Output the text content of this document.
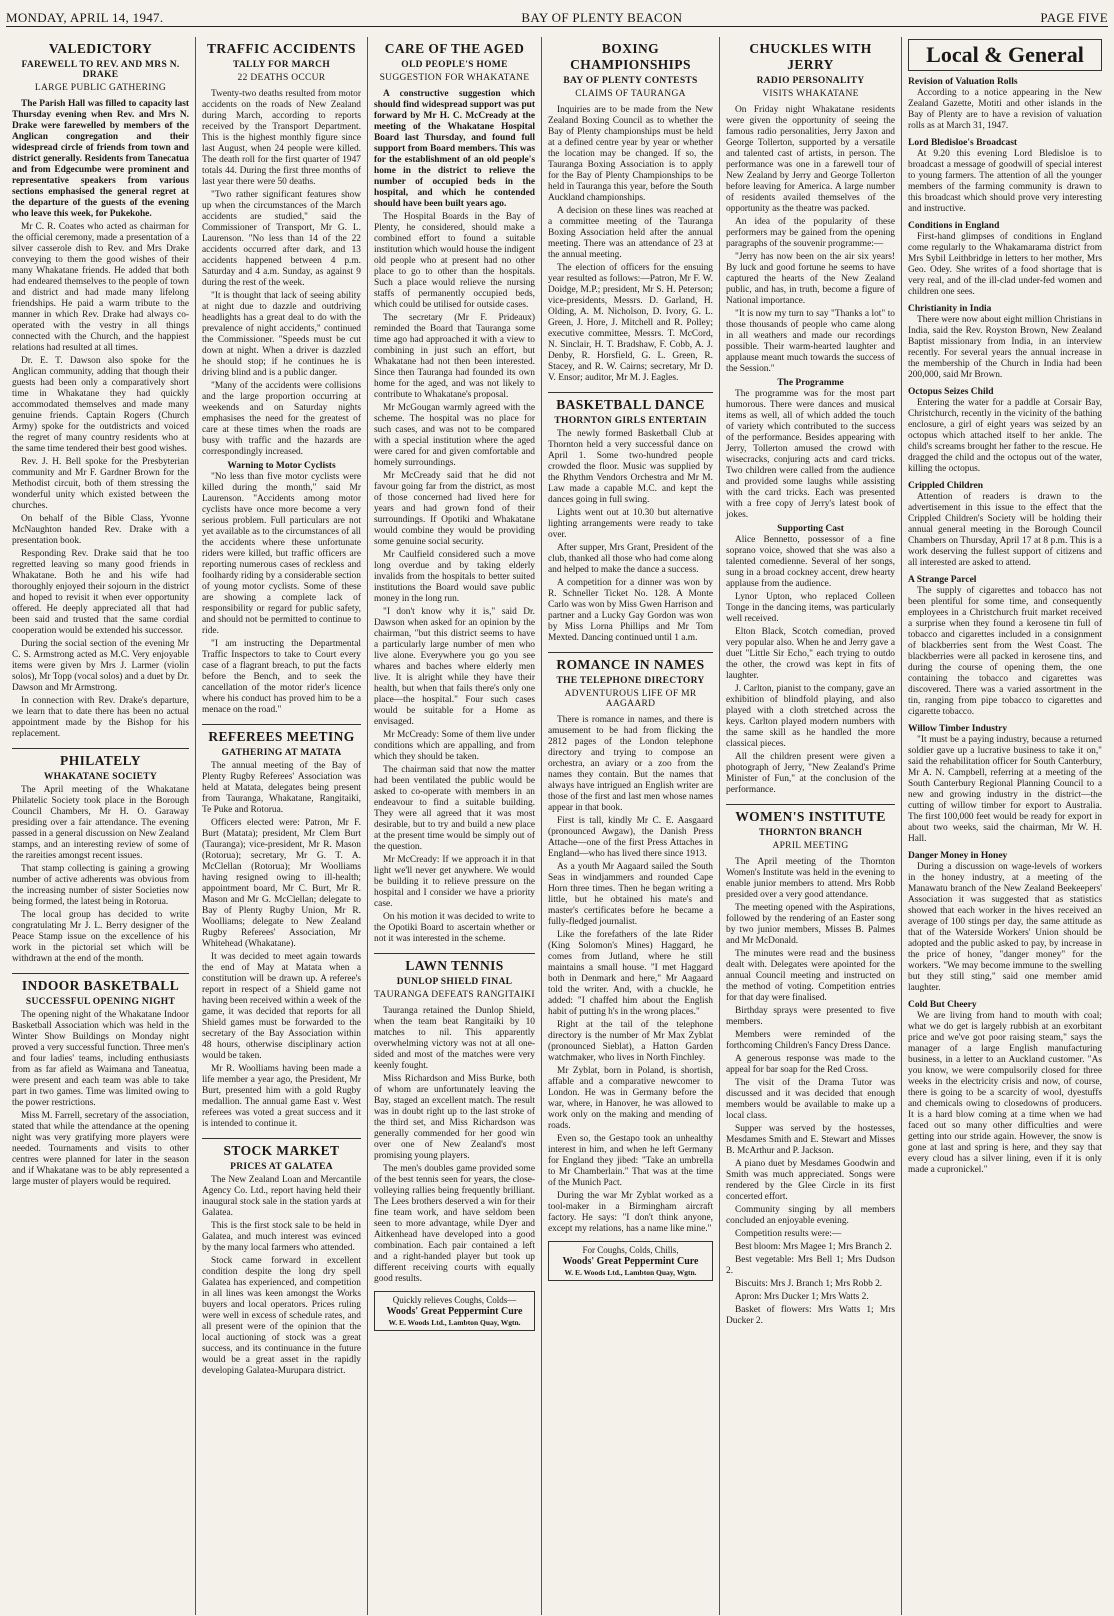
MONDAY, APRIL 14, 1947.	BAY OF PLENTY BEACON	PAGE FIVE
VALEDICTORY
FAREWELL TO REV. AND MRS N. DRAKE
LARGE PUBLIC GATHERING

The Parish Hall was filled to capacity last Thursday evening when Rev. and Mrs N. Drake were farewelled by members of the Anglican congregation and their widespread circle of friends from town and district generally. Residents from Tanecatua and from Edgecumbe were prominent and representative speakers from various sections emphasised the general regret at the departure of the guests of the evening who leave this week, for Pukekohe.

Mr C. R. Coates who acted as chairman for the official ceremony, made a presentation of a silver casserole dish to Rev. and Mrs Drake conveying to them the good wishes of their many Whakatane friends. He added that both had endeared themselves to the people of town and district and had made many lifelong friendships. He paid a warm tribute to the manner in which Rev. Drake had always co-operated with the vestry in all things connected with the Church, and the happiest relations had resulted at all times.

Dr. E. T. Dawson also spoke for the Anglican community, adding that though their guests had been only a comparatively short time in Whakatane they had quickly accommodated themselves and made many genuine friends. Captain Rogers (Church Army) spoke for the outdistricts and voiced the regret of many country residents who at the same time tendered their best good wishes.

Rev. J. H. Bell spoke for the Presbyterian community and Mr F. Gardner Brown for the Methodist circuit, both of them stressing the wonderful unity which existed between the churches.

On behalf of the Bible Class, Yvonne McNaughton handed Rev. Drake with a presentation book.

Responding Rev. Drake said that he too regretted leaving so many good friends in Whakatane. Both he and his wife had thoroughly enjoyed their sojourn in the district and hoped to revisit it when ever opportunity offered. He deeply appreciated all that had been said and trusted that the same cordial cooperation would be extended his successor.

During the social section of the evening Mr C. S. Armstrong acted as M.C. Very enjoyable items were given by Mrs J. Larmer (violin solos), Mr Topp (vocal solos) and a duet by Dr. Dawson and Mr Armstrong.

In connection with Rev. Drake's departure, we learn that to date there has been no actual appointment made by the Bishop for his replacement.

PHILATELY
WHAKATANE SOCIETY

The April meeting of the Whakatane Philatelic Society took place in the Borough Council Chambers, Mr H. O. Garaway presiding over a fair attendance. The evening passed in a general discussion on New Zealand stamps, and an interesting review of some of the rareities amongst recent issues.

That stamp collecting is gaining a growing number of active adherents was obvious from the increasing number of sister Societies now being formed, the latest being in Rotorua.

The local group has decided to write congratulating Mr J. L. Berry designer of the Peace Stamp issue on the excellence of his work in the pictorial set which will be withdrawn at the end of the month.

INDOOR BASKETBALL
SUCCESSFUL OPENING NIGHT

The opening night of the Whakatane Indoor Basketball Association which was held in the Winter Show Buildings on Monday night proved a very successful function. Three men's and four ladies' teams, including enthusiasts from as far afield as Waimana and Taneatua, were present and each team was able to take part in two games. Time was limited owing to the power restrictions.

Miss M. Farrell, secretary of the association, stated that while the attendance at the opening night was very gratifying more players were needed. Tournaments and visits to other centres were planned for later in the season and if Whakatane was to be ably represented a large muster of players would be required.

TRAFFIC ACCIDENTS
TALLY FOR MARCH
22 DEATHS OCCUR

Twenty-two deaths resulted from motor accidents on the roads of New Zealand during March, according to reports received by the Transport Department. This is the highest monthly figure since last August, when 24 people were killed. The death roll for the first quarter of 1947 totals 44. During the first three months of last year there were 50 deaths.

"Two rather significant features show up when the circumstances of the March accidents are studied," said the Commissioner of Transport, Mr G. L. Laurenson. "No less than 14 of the 22 accidents occurred after dark, and 13 accidents happened between 4 p.m. Saturday and 4 a.m. Sunday, as against 9 during the rest of the week.

"It is thought that lack of seeing ability at night due to dazzle and outdriving headlights has a great deal to do with the prevalence of night accidents," continued the Commissioner. "Speeds must be cut down at night. When a driver is dazzled he should stop; if he continues he is driving blind and is a public danger.

"Many of the accidents were collisions and the large proportion occurring at weekends and on Saturday nights emphasises the need for the greatest of care at these times when the roads are busy with traffic and the hazards are correspondingly increased.

Warning to Motor Cyclists

"No less than five motor cyclists were killed during the month," said Mr Laurenson. "Accidents among motor cyclists have once more become a very serious problem. Full particulars are not yet available as to the circumstances of all the accidents where these unfortunate riders were killed, but traffic officers are reporting numerous cases of reckless and foolhardy riding by a considerable section of young motor cyclists. Some of these are showing a complete lack of responsibility or regard for public safety, and should not be permitted to continue to ride.

"I am instructing the Departmental Traffic Inspectors to take to Court every case of a flagrant breach, to put the facts before the Bench, and to seek the cancellation of the motor rider's licence where his conduct has proved him to be a menace on the road."

REFEREES MEETING
GATHERING AT MATATA

The annual meeting of the Bay of Plenty Rugby Referees' Association was held at Matata, delegates being present from Tauranga, Whakatane, Rangitaiki, Te Puke and Rotorua.

Officers elected were: Patron, Mr F. Burt (Matata); president, Mr Clem Burt (Tauranga); vice-president, Mr R. Mason (Rotorua); secretary, Mr G. T. A. McClellan (Rotorua); Mr Woolliams having resigned owing to ill-health; appointment board, Mr C. Burt, Mr R. Mason and Mr G. McClellan; delegate to Bay of Plenty Rugby Union, Mr R. Woolliams; delegate to New Zealand Rugby Referees' Association, Mr Whitehead (Whakatane).

It was decided to meet again towards the end of May at Matata when a constitution will be drawn up. A referee's report in respect of a Shield game not having been received within a week of the game, it was decided that reports for all Shield games must be forwarded to the secretary of the Bay Association within 48 hours, otherwise disciplinary action would be taken.

Mr R. Woolliams having been made a life member a year ago, the President, Mr Burt, presented him with a gold Rugby medallion. The annual game East v. West referees was voted a great success and it is intended to continue it.

STOCK MARKET
PRICES AT GALATEA

The New Zealand Loan and Mercantile Agency Co. Ltd., report having held their inaugural stock sale in the station yards at Galatea.

This is the first stock sale to be held in Galatea, and much interest was evinced by the many local farmers who attended.

Stock came forward in excellent condition despite the long dry spell Galatea has experienced, and competition in all lines was keen amongst the Works buyers and local operators. Prices ruling were well in excess of schedule rates, and all present were of the opinion that the local auctioning of stock was a great success, and its continuance in the future would be a great asset in the rapidly developing Galatea-Murupara district.

CARE OF THE AGED
OLD PEOPLE'S HOME
SUGGESTION FOR WHAKATANE

A constructive suggestion which should find widespread support was put forward by Mr H. C. McCready at the meeting of the Whakatane Hospital Board last Thursday, and found full support from Board members. This was for the establishment of an old people's home in the district to relieve the number of occupied beds in the hospital, and which he contended should have been built years ago.

The Hospital Boards in the Bay of Plenty, he considered, should make a combined effort to found a suitable institution which would house the indigent old people who at present had no other place to go to other than the hospitals. Such a place would relieve the nursing staffs of permanently occupied beds, which could be utilised for outside cases.

The secretary (Mr F. Prideaux) reminded the Board that Tauranga some time ago had approached it with a view to combining in just such an effort, but Whakatane had not then been interested. Since then Tauranga had founded its own home for the aged, and was not likely to contribute to Whakatane's proposal.

Mr McGougan warmly agreed with the scheme. The hospital was no place for such cases, and was not to be compared with a special institution where the aged were cared for and given comfortable and homely surroundings.

Mr McCready said that he did not favour going far from the district, as most of those concerned had lived here for years and had grown fond of their surroundings. If Opotiki and Whakatane would combine they would be providing some genuine social security.

Mr Caulfield considered such a move long overdue and by taking elderly invalids from the hospitals to better suited institutions the Board would save public money in the long run.

"I don't know why it is," said Dr. Dawson when asked for an opinion by the chairman, "but this district seems to have a particularly large number of men who live alone. Everywhere you go you see whares and baches where elderly men live. It is alright while they have their health, but when that fails there's only one place—the hospital." Four such cases would be suitable for a Home as envisaged.

Mr McCready: Some of them live under conditions which are appalling, and from which they should be taken.

The chairman said that now the matter had been ventilated the public would be asked to co-operate with members in an endeavour to find a suitable building. They were all agreed that it was most desirable, but to try and build a new place at the present time would be simply out of the question.

Mr McCready: If we approach it in that light we'll never get anywhere. We would be building it to relieve pressure on the hospital and I consider we have a priority case.

On his motion it was decided to write to the Opotiki Board to ascertain whether or not it was interested in the scheme.

LAWN TENNIS
DUNLOP SHIELD FINAL
TAURANGA DEFEATS RANGITAIKI

Tauranga retained the Dunlop Shield, when the team beat Rangitaiki by 10 matches to nil. This apparently overwhelming victory was not at all one-sided and most of the matches were very keenly fought.

Miss Richardson and Miss Burke, both of whom are unfortunately leaving the Bay, staged an excellent match. The result was in doubt right up to the last stroke of the third set, and Miss Richardson was generally commended for her good win over one of New Zealand's most promising young players.

The men's doubles game provided some of the best tennis seen for years, the close-volleying rallies being frequently brilliant. The Lees brothers deserved a win for their fine team work, and have seldom been seen to more advantage, while Dyer and Aitkenhead have developed into a good combination. Each pair contained a left and a right-handed player but took up different receiving courts with equally good results.

Quickly relieves Coughs, Colds—
Woods' Great Peppermint Cure
W. E. Woods Ltd., Lambton Quay, Wgtn.
BOXING CHAMPIONSHIPS
BAY OF PLENTY CONTESTS
CLAIMS OF TAURANGA

Inquiries are to be made from the New Zealand Boxing Council as to whether the Bay of Plenty championships must be held at a defined centre year by year or whether the location may be changed. If so, the Tauranga Boxing Association is to apply for the Bay of Plenty Championships to be held in Tauranga this year, before the South Auckland championships.

A decision on these lines was reached at a committee meeting of the Tauranga Boxing Association held after the annual meeting. There was an attendance of 23 at the annual meeting.

The election of officers for the ensuing year resulted as follows:—Patron, Mr F. W. Doidge, M.P.; president, Mr S. H. Peterson; vice-presidents, Messrs. D. Garland, H. Olding, A. M. Nicholson, D. Ivory, G. L. Green, J. Hore, J. Mitchell and R. Polley; executive committee, Messrs. T. McCord, N. Sinclair, H. T. Bradshaw, F. Cobb, A. J. Denby, R. Horsfield, G. L. Green, R. Stacey, and R. W. Cairns; secretary, Mr D. V. Ensor; auditor, Mr M. J. Eagles.

BASKETBALL DANCE
THORNTON GIRLS ENTERTAIN

The newly formed Basketball Club at Thornton held a very successful dance on April 1. Some two-hundred people crowded the floor. Music was supplied by the Rhythm Vendors Orchestra and Mr M. Law made a capable M.C. and kept the dances going in full swing.

Lights went out at 10.30 but alternative lighting arrangements were ready to take over.

After supper, Mrs Grant, President of the club, thanked all those who had come along and helped to make the dance a success.

A competition for a dinner was won by R. Schneller Ticket No. 128. A Monte Carlo was won by Miss Gwen Harrison and partner and a Lucky Gay Gordon was won by Miss Lorna Phillips and Mr Tom Mexted. Dancing continued until 1 a.m.

ROMANCE IN NAMES
THE TELEPHONE DIRECTORY
ADVENTUROUS LIFE OF MR AAGAARD

There is romance in names, and there is amusement to be had from flicking the 2812 pages of the London telephone directory and trying to compose an orchestra, an aviary or a zoo from the names they contain. But the names that always have intrigued an English writer are those of the first and last men whose names appear in that book.

First is tall, kindly Mr C. E. Aasgaard (pronounced Awgaw), the Danish Press Attache—one of the first Press Attaches in England—who has lived there since 1913.

As a youth Mr Aagaard sailed the South Seas in windjammers and rounded Cape Horn three times. Then he began writing a little, but he obtained his mate's and master's certificates before he became a fully-fledged journalist.

Like the forefathers of the late Rider (King Solomon's Mines) Haggard, he comes from Jutland, where he still maintains a small house. "I met Haggard both in Denmark and here," Mr Aagaard told the writer. And, with a chuckle, he added: "I chaffed him about the English habit of putting h's in the wrong places."

Right at the tail of the telephone directory is the number of Mr Max Zyblat (pronounced Sieblat), a Hatton Garden watchmaker, who lives in North Finchley.

Mr Zyblat, born in Poland, is shortish, affable and a comparative newcomer to London. He was in Germany before the war, where, in Hanover, he was allowed to work only on the making and mending of roads.

Even so, the Gestapo took an unhealthy interest in him, and when he left Germany for England they jibed: "Take an umbrella to Mr Chamberlain." That was at the time of the Munich Pact.

During the war Mr Zyblat worked as a tool-maker in a Birmingham aircraft factory. He says: "I don't think anyone, except my relations, has a name like mine."

For Coughs, Colds, Chills,
Woods' Great Peppermint Cure
W. E. Woods Ltd., Lambton Quay, Wgtn.
CHUCKLES WITH JERRY
RADIO PERSONALITY
VISITS WHAKATANE

On Friday night Whakatane residents were given the opportunity of seeing the famous radio personalities, Jerry Jaxon and George Tollerton, supported by a versatile and talented cast of artists, in person. The performance was one in a farewell tour of New Zealand by Jerry and George Tollerton before leaving for America. A large number of residents availed themselves of the opportunity as the theatre was packed.

An idea of the popularity of these performers may be gained from the opening paragraphs of the souvenir programme:—

"Jerry has now been on the air six years! By luck and good fortune he seems to have captured the hearts of the New Zealand public, and has, in truth, become a figure of National importance.

"It is now my turn to say "Thanks a lot" to those thousands of people who came along in all weathers and made our recordings possible. Their warm-hearted laughter and applause meant much towards the success of the Session."

The Programme

The programme was for the most part humorous. There were dances and musical items as well, all of which added the touch of variety which contributed to the success of the performance. Besides appearing with Jerry, Tollerton amused the crowd with wisecracks, conjuring acts and card tricks. Two children were called from the audience and provided some laughs while assisting with the card tricks. Each was presented with a free copy of Jerry's latest book of jokes.

Supporting Cast

Alice Bennetto, possessor of a fine soprano voice, showed that she was also a talented comedienne. Several of her songs, sung in a broad cockney accent, drew hearty applause from the audience.

Lynor Upton, who replaced Colleen Tonge in the dancing items, was particularly well received.

Elton Black, Scotch comedian, proved very popular also. When he and Jerry gave a duet "Little Sir Echo," each trying to outdo the other, the crowd was kept in fits of laughter.

J. Carlton, pianist to the company, gave an exhibition of blindfold playing, and also played with a cloth stretched across the keys. Carlton played modern numbers with the same skill as he handled the more classical pieces.

All the children present were given a photograph of Jerry, "New Zealand's Prime Minister of Fun," at the conclusion of the performance.

WOMEN'S INSTITUTE
THORNTON BRANCH
APRIL MEETING

The April meeting of the Thornton Women's Institute was held in the evening to enable junior members to attend. Mrs Robb presided over a very good attendance.

The meeting opened with the Aspirations, followed by the rendering of an Easter song by two junior members, Misses B. Palmes and Mr McDonald.

The minutes were read and the business dealt with. Delegates were apointed for the annual Council meeting and instructed on the method of voting. Competition entries for that day were finalised.

Birthday sprays were presented to five members.

Members were reminded of the forthcoming Children's Fancy Dress Dance.

A generous response was made to the appeal for bar soap for the Red Cross.

The visit of the Drama Tutor was discussed and it was decided that enough members would be available to make up a local class.

Supper was served by the hostesses, Mesdames Smith and E. Stewart and Misses B. McArthur and P. Jackson.

A piano duet by Mesdames Goodwin and Smith was much appreciated. Songs were rendered by the Glee Circle in its first concerted effort.

Community singing by all members concluded an enjoyable evening.

Competition results were:—

Best bloom: Mrs Magee 1; Mrs Branch 2.

Best vegetable: Mrs Bell 1; Mrs Dudson 2.

Biscuits: Mrs J. Branch 1; Mrs Robb 2.

Apron: Mrs Ducker 1; Mrs Watts 2.

Basket of flowers: Mrs Watts 1; Mrs Ducker 2.

Local & General
Revision of Valuation Rolls

According to a notice appearing in the New Zealand Gazette, Motiti and other islands in the Bay of Plenty are to have a revision of valuation rolls as at March 31, 1947.

Lord Bledisloe's Broadcast

At 9.20 this evening Lord Bledisloe is to broadcast a message of goodwill of special interest to young farmers. The attention of all the younger members of the farming community is drawn to this broadcast which should prove very interesting and instructive.

Conditions in England

First-hand glimpses of conditions in England come regularly to the Whakamarama district from Mrs Sybil Leithbridge in letters to her mother, Mrs Geo. Odey. She writes of a food shortage that is very real, and of the ill-clad under-fed women and children one sees.

Christianity in India

There were now about eight million Christians in India, said the Rev. Royston Brown, New Zealand Baptist missionary from India, in an interview recently. For several years the annual increase in the membership of the Church in India had been 200,000, said Mr Brown.

Octopus Seizes Child

Entering the water for a paddle at Corsair Bay, Christchurch, recently in the vicinity of the bathing enclosure, a girl of eight years was seized by an octopus which attached itself to her ankle. The child's screams brought her father to the rescue. He dragged the child and the octopus out of the water, killing the octopus.

Crippled Children

Attention of readers is drawn to the advertisement in this issue to the effect that the Crippled Children's Society will be holding their annual general meeting in the Borough Council Chambers on Thursday, April 17 at 8 p.m. This is a work deserving the fullest support of citizens and all interested are asked to attend.

A Strange Parcel

The supply of cigarettes and tobacco has not been plentiful for some time, and consequently employees in a Christchurch fruit market received a surprise when they found a kerosene tin full of tobacco and cigarettes included in a consignment of blackberries sent from the West Coast. The blackberries were all packed in kerosene tins, and during the course of opening them, the one containing the tobacco and cigarettes was discovered. There was a varied assortment in the tin, ranging from pipe tobacco to cigarettes and cigarette tobacco.

Willow Timber Industry

"It must be a paying industry, because a returned soldier gave up a lucrative business to take it on," said the rehabilitation officer for South Canterbury, Mr A. N. Campbell, referring at a meeting of the South Canterbury Regional Planning Council to a new and growing industry in the district—the cutting of willow timber for export to Australia. The first 100,000 feet would be ready for export in about two weeks, said the chairman, Mr W. H. Hall.

Danger Money in Honey

During a discussion on wage-levels of workers in the honey industry, at a meeting of the Manawatu branch of the New Zealand Beekeepers' Association it was suggested that as statistics showed that each worker in the hives received an average of 100 stings per day, the same attitude as that of the Waterside Workers' Union should be adopted and the public asked to pay, by increase in the price of honey, "danger money" for the workers. "We may become immune to the swelling but they still sting," said one member amid laughter.

Cold But Cheery

We are living from hand to mouth with coal; what we do get is largely rubbish at an exorbitant price and we've got poor raising steam," says the manager of a large English manufacturing business, in a letter to an Auckland customer. "As you know, we were compulsorily closed for three weeks in the electricity crisis and now, of course, there is going to be a scarcity of wool, dyestuffs and chemicals owing to closedowns of producers. It is a hard blow coming at a time when we had faced out so many other difficulties and were getting into our stride again. However, the snow is gone at last and spring is here, and they say that every cloud has a silver lining, even if it is only made a cupronickel."
